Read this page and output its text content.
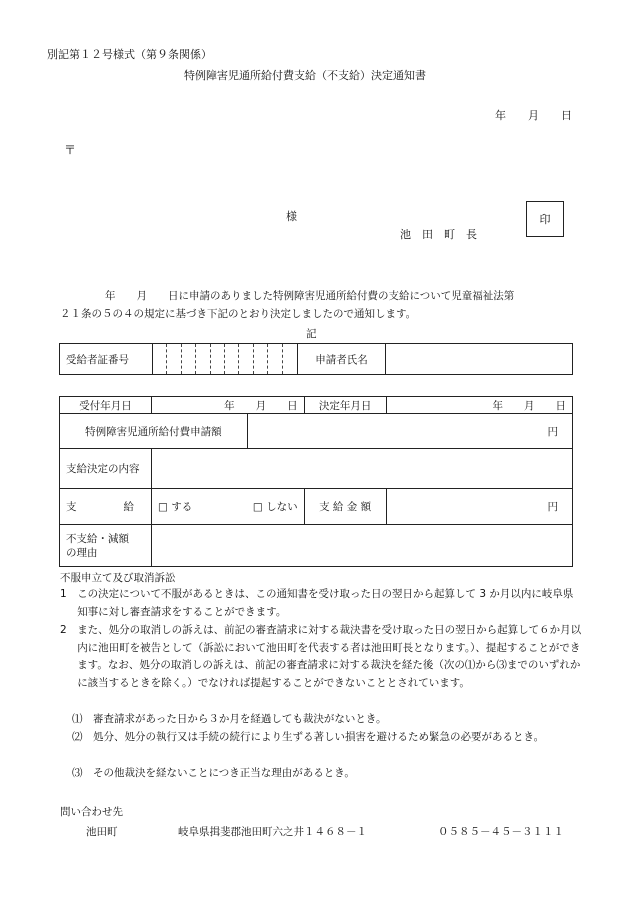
別記第１２号様式（第９条関係）
特例障害児通所給付費支給（不支給）決定通知書
年　　月　　日
〒
様
池　田　町　長
印
年　　月　　日に申請のありました特例障害児通所給付費の支給について児童福祉法第
２１条の５の４の規定に基づき下記のとおり決定しましたので通知します。
記
受給者証番号		申請者氏名	
受付年月日	年　　月　　日			決定年月日	年　　月　　日
特例障害児通所給付費申請額			円		
支給決定の内容					
支　　　　給	□ する	□ しない		支 給 金 額	円

不支給・減額
の理由					

不服申立て及び取消訴訟
1　 この決定について不服があるときは、この通知書を受け取った日の翌日から起算して 3 か月以内に岐阜県知事に対し審査請求をすることができます。
2　 また、処分の取消しの訴えは、前記の審査請求に対する裁決書を受け取った日の翌日から起算して６か月以内に池田町を被告として（訴訟において池田町を代表する者は池田町長となります。）、提起することができます。なお、処分の取消しの訴えは、前記の審査請求に対する裁決を経た後（次の⑴から⑶までのいずれかに該当するときを除く。）でなければ提起することができないこととされています。
⑴　 審査請求があった日から３か月を経過しても裁決がないとき。
⑵　 処分、処分の執行又は手続の続行により生ずる著しい損害を避けるため緊急の必要があるとき。
⑶　 その他裁決を経ないことにつき正当な理由があるとき。
問い合わせ先
池田町	岐阜県揖斐郡池田町六之井１４６８－１	０５８５－４５－３１１１
